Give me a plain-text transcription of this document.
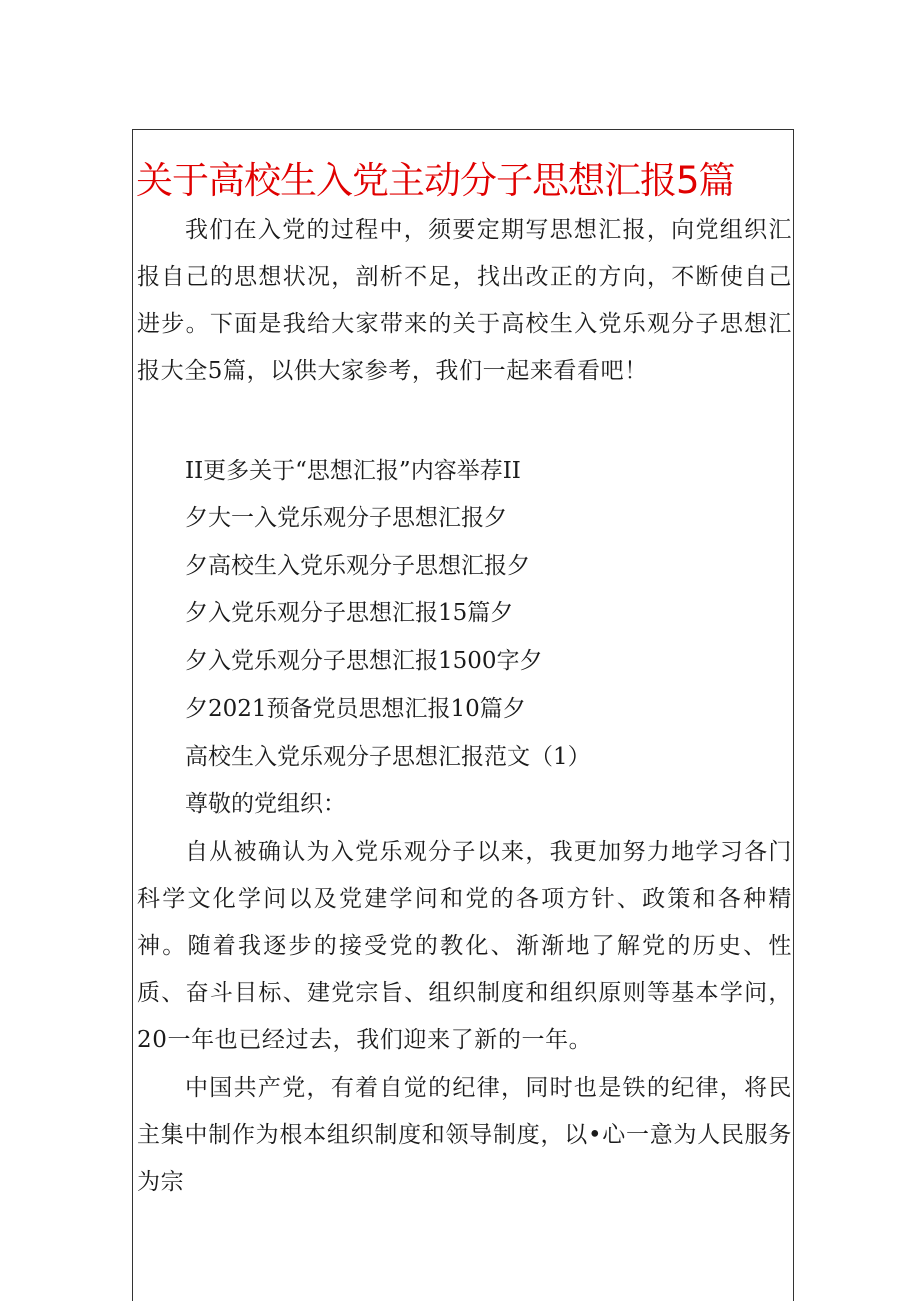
关于高校生入党主动分子思想汇报5篇

我们在入党的过程中，须要定期写思想汇报，向党组织汇报自己的思想状况，剖析不足，找出改正的方向，不断使自己进步。下面是我给大家带来的关于高校生入党乐观分子思想汇报大全5篇，以供大家参考，我们一起来看看吧！

II更多关于“思想汇报”内容举荐II

夕大一入党乐观分子思想汇报夕

夕高校生入党乐观分子思想汇报夕

夕入党乐观分子思想汇报15篇夕

夕入党乐观分子思想汇报1500字夕

夕2021预备党员思想汇报10篇夕

高校生入党乐观分子思想汇报范文（1）

尊敬的党组织：

自从被确认为入党乐观分子以来，我更加努力地学习各门科学文化学问以及党建学问和党的各项方针、政策和各种精神。随着我逐步的接受党的教化、渐渐地了解党的历史、性质、奋斗目标、建党宗旨、组织制度和组织原则等基本学问，20一年也已经过去，我们迎来了新的一年。

中国共产党，有着自觉的纪律，同时也是铁的纪律，将民主集中制作为根本组织制度和领导制度，以•心一意为人民服务为宗
